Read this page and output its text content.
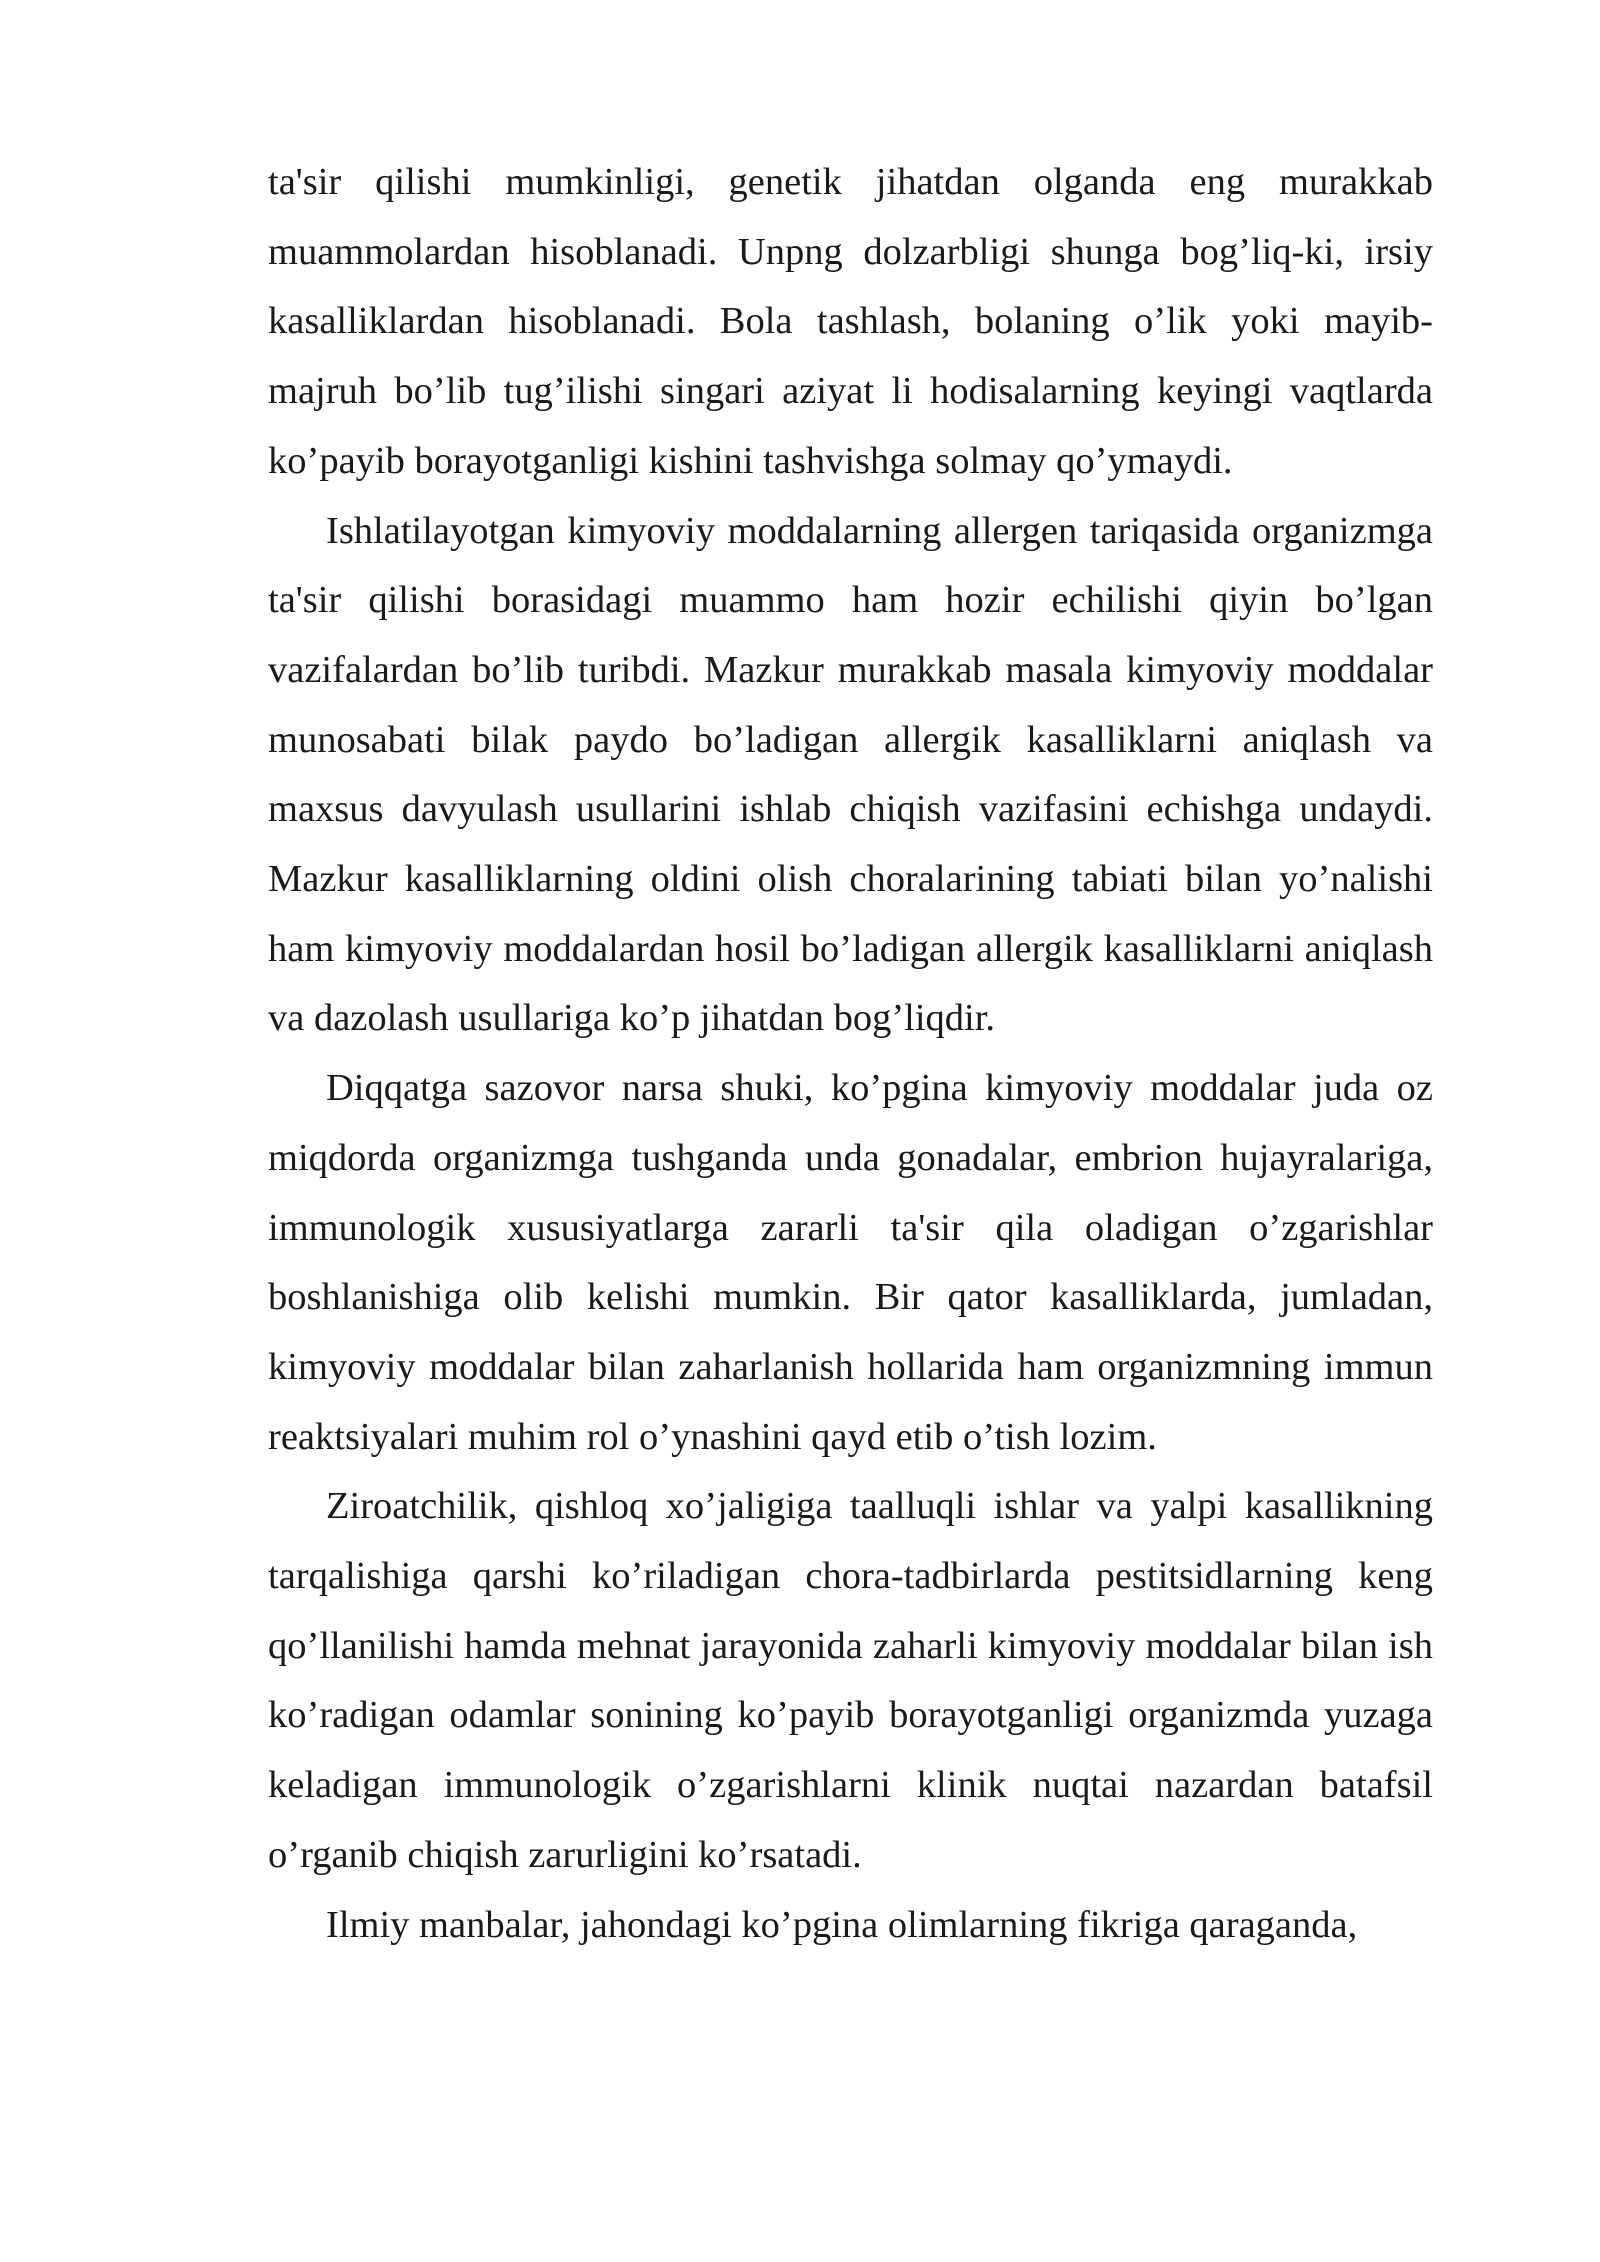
ta'sir qilishi mumkinligi, genetik jihatdan olganda eng murakkab muammolardan hisoblanadi. Unpng dolzarbligi shunga bog’liq-ki, irsiy kasalliklardan hisoblanadi. Bola tashlash, bolaning o’lik yoki mayib-majruh bo’lib tug’ilishi singari aziyat li hodisalarning keyingi vaqtlarda ko’payib borayotganligi kishini tashvishga solmay qo’ymaydi.

Ishlatilayotgan kimyoviy moddalarning allergen tariqasida organizmga ta'sir qilishi borasidagi muammo ham hozir echilishi qiyin bo’lgan vazifalardan bo’lib turibdi. Mazkur murakkab masala kimyoviy moddalar munosabati bilak paydo bo’ladigan allergik kasalliklarni aniqlash va maxsus davyulash usullarini ishlab chiqish vazifasini echishga undaydi. Mazkur kasalliklarning oldini olish choralarining tabiati bilan yo’nalishi ham kimyoviy moddalardan hosil bo’ladigan allergik kasalliklarni aniqlash va dazolash usullariga ko’p jihatdan bog’liqdir.

Diqqatga sazovor narsa shuki, ko’pgina kimyoviy moddalar juda oz miqdorda organizmga tushganda unda gonadalar, embrion hujayralariga, immunologik xususiyatlarga zararli ta'sir qila oladigan o’zgarishlar boshlanishiga olib kelishi mumkin. Bir qator kasalliklarda, jumladan, kimyoviy moddalar bilan zaharlanish hollarida ham organizmning immun reaktsiyalari muhim rol o’ynashini qayd etib o’tish lozim.

Ziroatchilik, qishloq xo’jaligiga taalluqli ishlar va yalpi kasallikning tarqalishiga qarshi ko’riladigan chora-tadbirlarda pestitsidlarning keng qo’llanilishi hamda mehnat jarayonida zaharli kimyoviy moddalar bilan ish ko’radigan odamlar sonining ko’payib borayotganligi organizmda yuzaga keladigan immunologik o’zgarishlarni klinik nuqtai nazardan batafsil o’rganib chiqish zarurligini ko’rsatadi.

Ilmiy manbalar, jahondagi ko’pgina olimlarning fikriga qaraganda,
